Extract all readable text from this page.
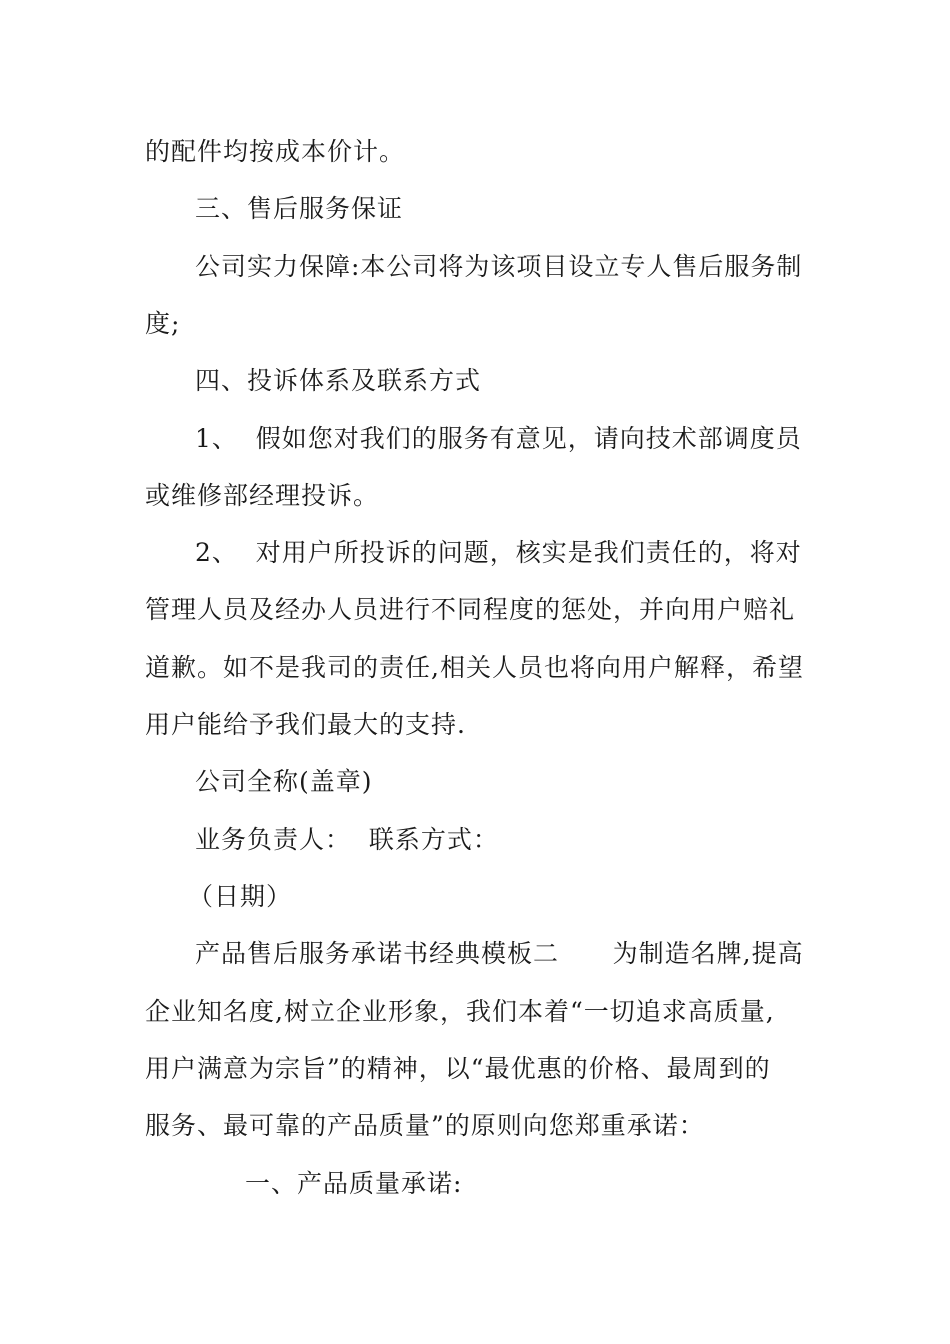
的配件均按成本价计。
三、售后服务保证
公司实力保障:本公司将为该项目设立专人售后服务制
度;
四、投诉体系及联系方式
1、  假如您对我们的服务有意见，请向技术部调度员
或维修部经理投诉。
2、  对用户所投诉的问题，核实是我们责任的，将对
管理人员及经办人员进行不同程度的惩处，并向用户赔礼
道歉。如不是我司的责任,相关人员也将向用户解释，希望
用户能给予我们最大的支持.
公司全称(盖章)
业务负责人：  联系方式：
（日期）
产品售后服务承诺书经典模板二      为制造名牌,提高
企业知名度,树立企业形象，我们本着“一切追求高质量,
用户满意为宗旨”的精神，以“最优惠的价格、最周到的
服务、最可靠的产品质量”的原则向您郑重承诺：
一、产品质量承诺:
